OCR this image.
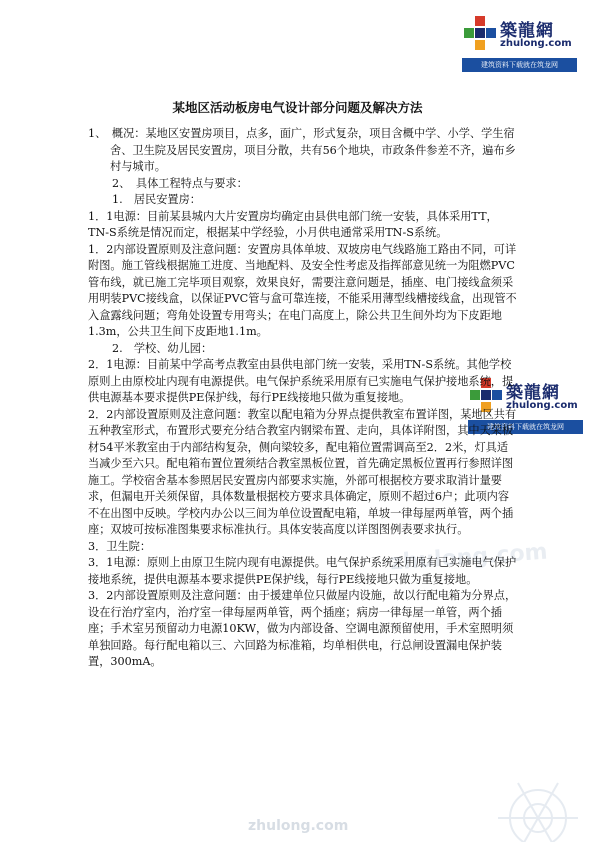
築龍網
zhulong.com
建筑资料下载就在筑龙网
築龍網
zhulong.com
建筑资料下载就在筑龙网
zhulong.com
某地区活动板房电气设计部分问题及解决方法

1、　概况：某地区安置房项目，点多，面广，形式复杂，项目含概中学、小学、学生宿舍、卫生院及居民安置房，项目分散，共有56个地块，市政条件参差不齐，遍布乡村与城市。

2、　具体工程特点与要求：

1.　居民安置房：

1．1电源：目前某县城内大片安置房均确定由县供电部门统一安装，具体采用TT，TN-S系统是情况而定，根据某中学经验，小月供电通常采用TN-S系统。

1．2内部设置原则及注意问题：安置房具体单坡、双坡房电气线路施工路由不同，可详附图。施工管线根据施工进度、当地配料、及安全性考虑及指挥部意见统一为阻燃PVC管布线，就已施工完毕项目观察，效果良好，需要注意问题是，插座、电门接线盒须采用明装PVC接线盒，以保证PVC管与盒可靠连接，不能采用薄型线槽接线盒，出现管不入盒露线问题；弯角处设置专用弯头；在电门高度上，除公共卫生间外均为下皮距地1.3m，公共卫生间下皮距地1.1m。

2.　学校、幼儿园：

2．1电源：目前某中学高考点教室由县供电部门统一安装，采用TN-S系统。其他学校原则上由原校址内现有电源提供。电气保护系统采用原有已实施电气保护接地系统，提供电源基本要求提供PE保护线，每行PE线接地只做为重复接地。

2．2内部设置原则及注意问题：教室以配电箱为分界点提供教室布置详图，某地区共有五种教室形式，布置形式要充分结合教室内钢梁布置、走向，具体详附图，其中天荣板材54平米教室由于内部结构复杂，侧向梁较多，配电箱位置需调高至2．2米，灯具适当减少至六只。配电箱布置位置须结合教室黑板位置，首先确定黑板位置再行参照详图施工。学校宿舍基本参照居民安置房内部要求实施，外部可根据校方要求取消计量要求，但漏电开关须保留，具体数量根据校方要求具体确定，原则不超过6户；此项内容不在出图中反映。学校内办公以三间为单位设置配电箱，单坡一律每屋两单管，两个插座；双坡可按标准图集要求标准执行。具体安装高度以详图图例表要求执行。

3．卫生院：

3．1电源：原则上由原卫生院内现有电源提供。电气保护系统采用原有已实施电气保护接地系统，提供电源基本要求提供PE保护线，每行PE线接地只做为重复接地。

3．2内部设置原则及注意问题：由于援建单位只做屋内设施，故以行配电箱为分界点，设在行治疗室内，治疗室一律每屋两单管，两个插座；病房一律每屋一单管，两个插座；手术室另预留动力电源10KW，做为内部设备、空调电源预留使用，手术室照明须单独回路。每行配电箱以三、六回路为标准箱，均单相供电，行总闸设置漏电保护装置，300mA。

zhulong.com
